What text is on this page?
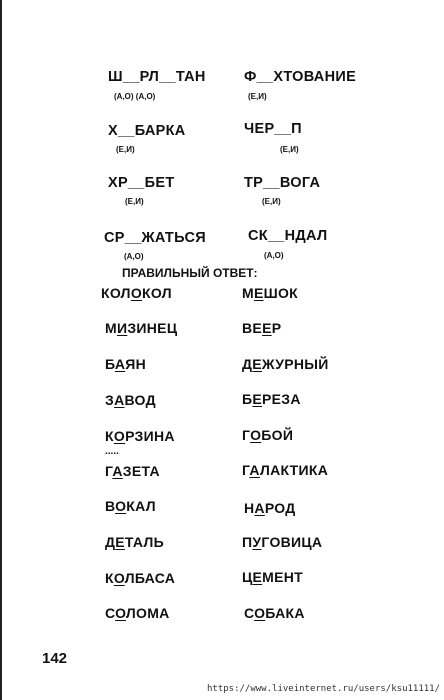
Ш__РЛ__ТАН
(А,О) (А,О)
Ф__ХТОВАНИЕ
(Е,И)
Х__БАРКА
(Е,И)
ЧЕР__П
(Е,И)
ХР__БЕТ
(Е,И)
ТР__ВОГА
(Е,И)
СР__ЖАТЬСЯ
(А,О)
СК__НДАЛ
(А,О)
ПРАВИЛЬНЫЙ ОТВЕТ:
КОЛОКОЛ	МЕШОК
МИЗИНЕЦ	ВЕЕР
БАЯН	ДЕЖУРНЫЙ
ЗАВОД	БЕРЕЗА
КОРЗИНА	ГОБОЙ
.....
ГАЗЕТА	ГАЛАКТИКА
ВОКАЛ	НАРОД
ДЕТАЛЬ	ПУГОВИЦА
КОЛБАСА	ЦЕМЕНТ
СОЛОМА	СОБАКА
142
https://www.liveinternet.ru/users/ksu11111/
